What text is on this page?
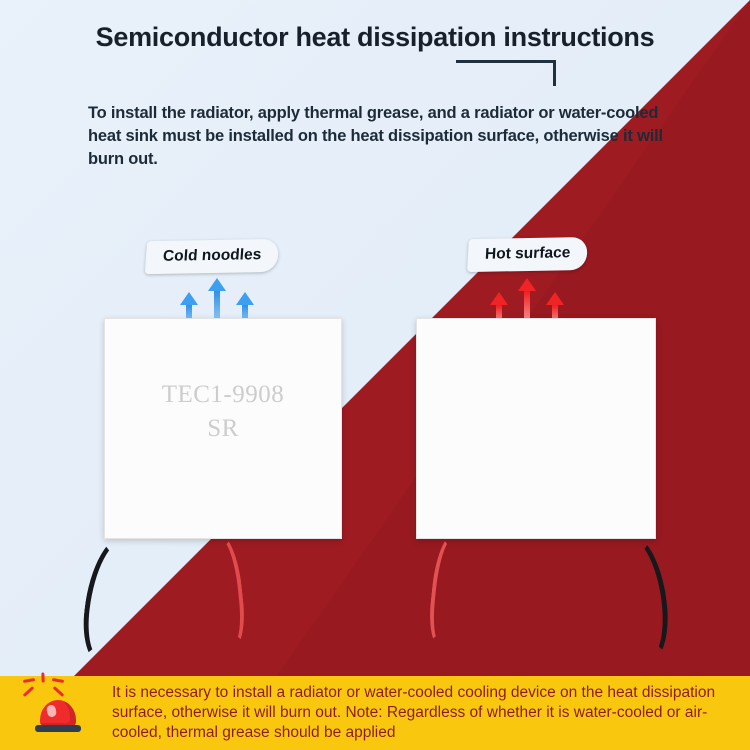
Semiconductor heat dissipation instructions
To install the radiator, apply thermal grease, and a radiator or water-cooled heat sink must be installed on the heat dissipation surface, otherwise it will burn out.
Cold noodles
TEC1-9908
SR
Hot surface
It is necessary to install a radiator or water-cooled cooling device on the heat dissipation surface, otherwise it will burn out. Note: Regardless of whether it is water-cooled or air-cooled, thermal grease should be applied
